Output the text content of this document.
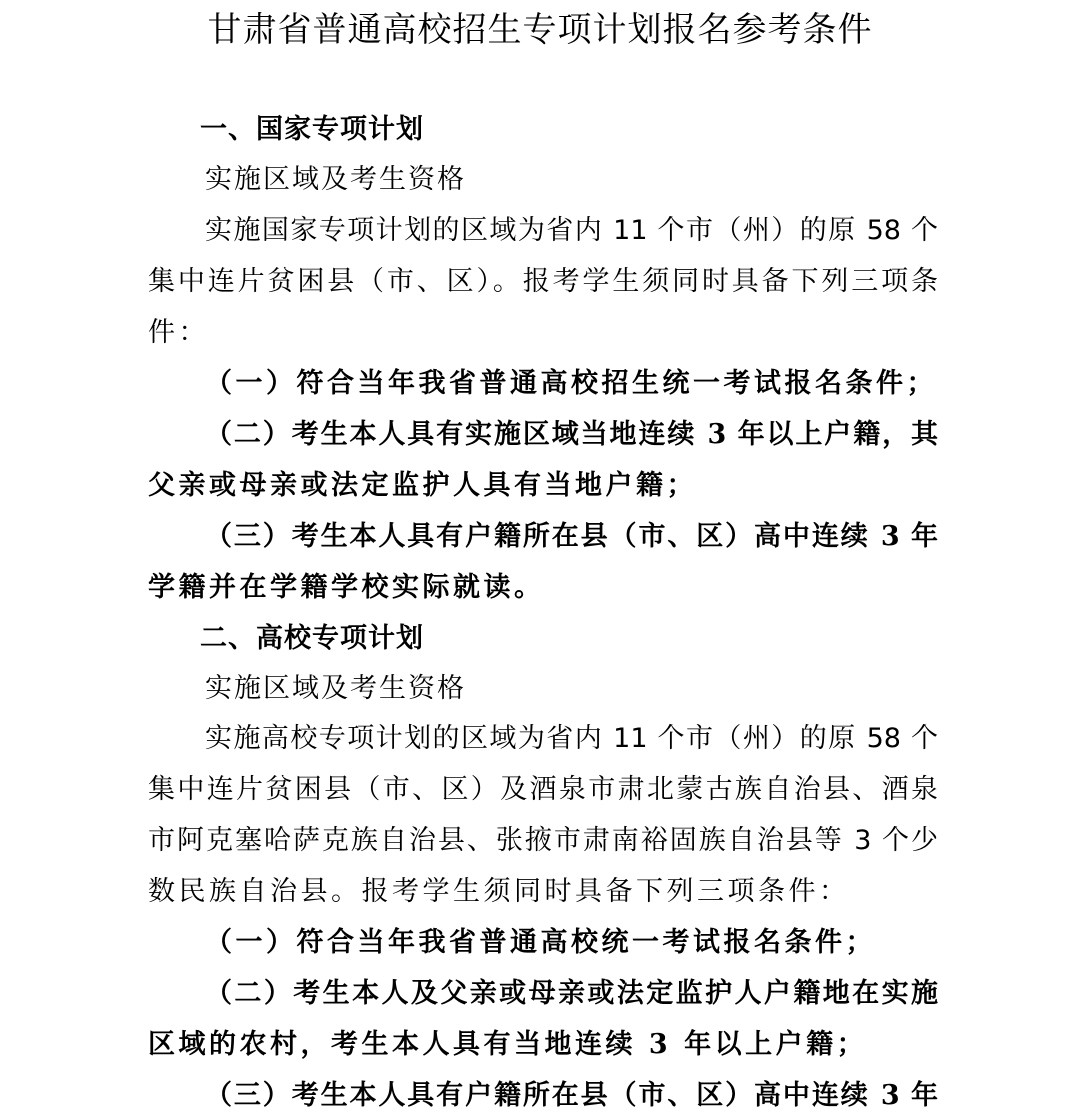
甘肃省普通高校招生专项计划报名参考条件
一、国家专项计划
实施区域及考生资格
实施国家专项计划的区域为省内 11 个市（州）的原 58 个
集中连片贫困县（市、区）。报考学生须同时具备下列三项条
件：
（一）符合当年我省普通高校招生统一考试报名条件；
（二）考生本人具有实施区域当地连续 3 年以上户籍，其
父亲或母亲或法定监护人具有当地户籍；
（三）考生本人具有户籍所在县（市、区）高中连续 3 年
学籍并在学籍学校实际就读。
二、高校专项计划
实施区域及考生资格
实施高校专项计划的区域为省内 11 个市（州）的原 58 个
集中连片贫困县（市、区）及酒泉市肃北蒙古族自治县、酒泉
市阿克塞哈萨克族自治县、张掖市肃南裕固族自治县等 3 个少
数民族自治县。报考学生须同时具备下列三项条件：
（一）符合当年我省普通高校统一考试报名条件；
（二）考生本人及父亲或母亲或法定监护人户籍地在实施
区域的农村，考生本人具有当地连续 3 年以上户籍；
（三）考生本人具有户籍所在县（市、区）高中连续 3 年
